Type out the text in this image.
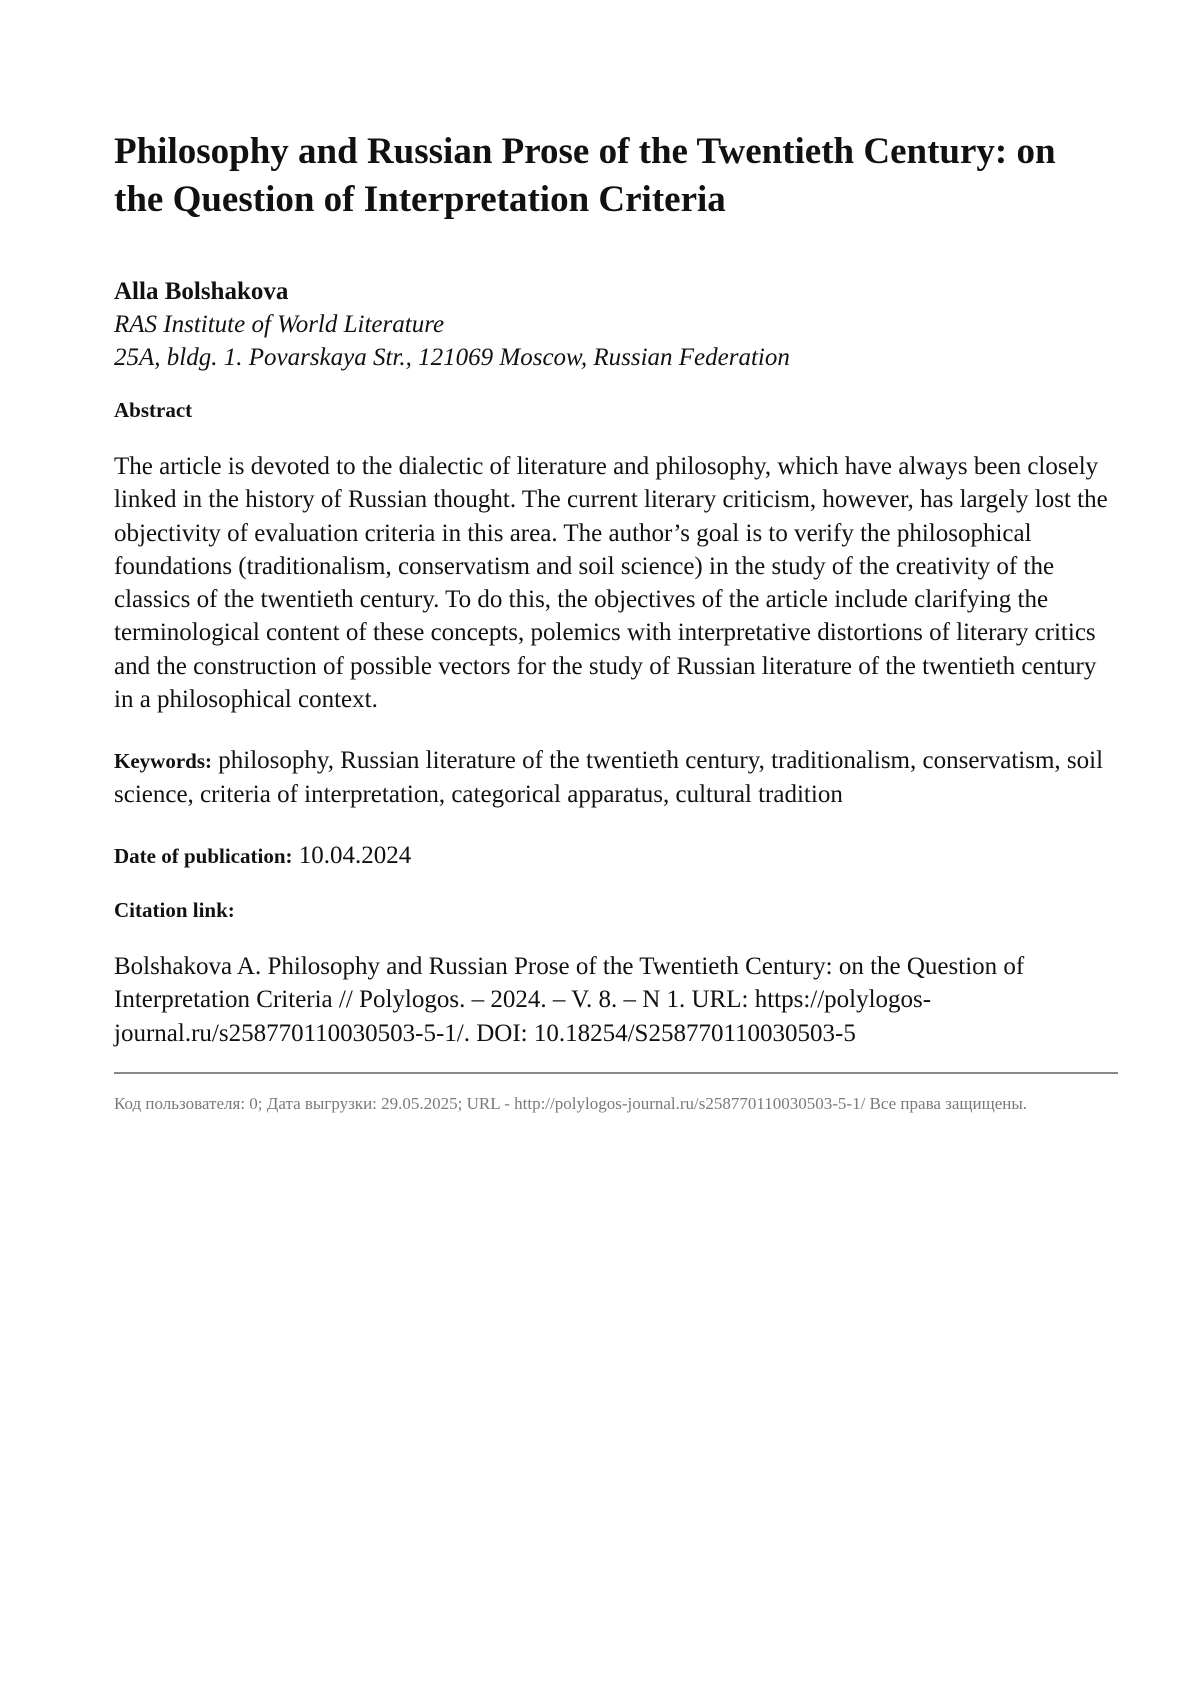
Philosophy and Russian Prose of the Twentieth Century: on the Question of Interpretation Criteria
Alla Bolshakova
RAS Institute of World Literature
25A, bldg. 1. Povarskaya Str., 121069 Moscow, Russian Federation
Abstract
The article is devoted to the dialectic of literature and philosophy, which have always been closely linked in the history of Russian thought. The current literary criticism, however, has largely lost the objectivity of evaluation criteria in this area. The author’s goal is to verify the philosophical foundations (traditionalism, conservatism and soil science) in the study of the creativity of the classics of the twentieth century. To do this, the objectives of the article include clarifying the terminological content of these concepts, polemics with interpretative distortions of literary critics and the construction of possible vectors for the study of Russian literature of the twentieth century in a philosophical context.
Keywords: philosophy, Russian literature of the twentieth century, traditionalism, conservatism, soil science, criteria of interpretation, categorical apparatus, cultural tradition
Date of publication: 10.04.2024
Citation link:
Bolshakova A. Philosophy and Russian Prose of the Twentieth Century: on the Question of Interpretation Criteria // Polylogos. – 2024. – V. 8. – N 1. URL: https://polylogos-journal.ru/s258770110030503-5-1/. DOI: 10.18254/S258770110030503-5
Код пользователя: 0; Дата выгрузки: 29.05.2025; URL - http://polylogos-journal.ru/s258770110030503-5-1/ Все права защищены.
